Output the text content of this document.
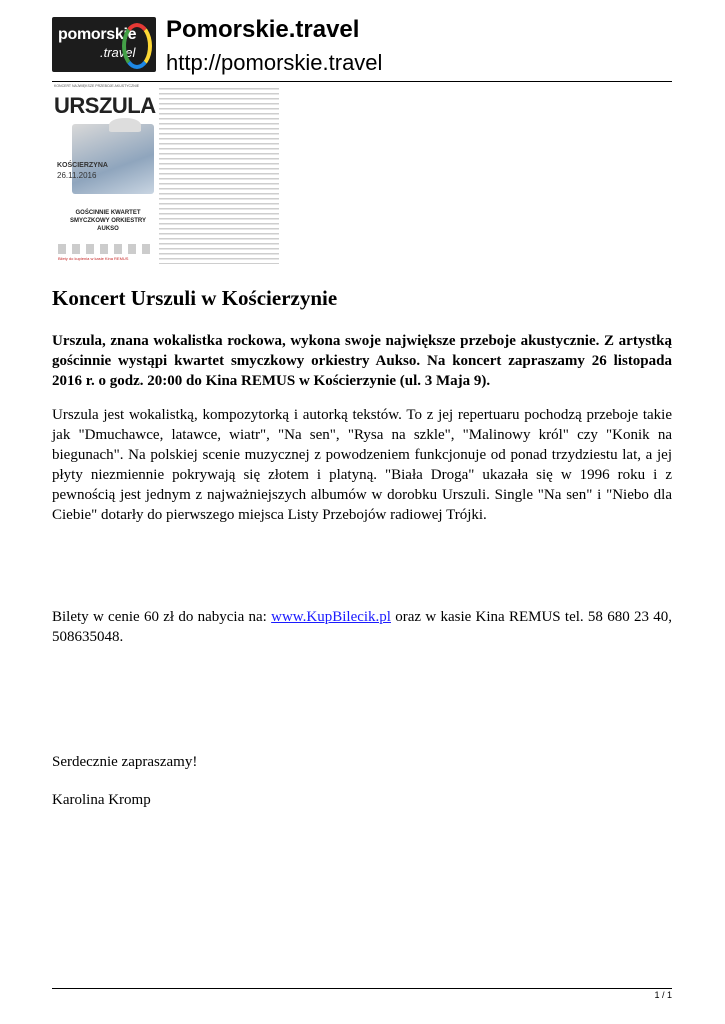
pomorskie
.travel
Pomorskie.travel
http://pomorskie.travel
KONCERT NAJWIĘKSZE PRZEBOJE AKUSTYCZNIE
URSZULA
KOŚCIERZYNA
26.11.2016
GOŚCINNIE KWARTET SMYCZKOWY ORKIESTRY AUKSO
Bilety do kupienia w kasie Kina REMUS
Koncert Urszuli w Kościerzynie

Urszula, znana wokalistka rockowa, wykona swoje największe przeboje akustycznie. Z artystką gościnnie wystąpi kwartet smyczkowy orkiestry Aukso. Na koncert zapraszamy 26 listopada 2016 r. o godz. 20:00 do Kina REMUS w Kościerzynie (ul. 3 Maja 9).

Urszula jest wokalistką, kompozytorką i autorką tekstów. To z jej repertuaru pochodzą przeboje takie jak "Dmuchawce, latawce, wiatr", "Na sen", "Rysa na szkle", "Malinowy król" czy "Konik na biegunach". Na polskiej scenie muzycznej z powodzeniem funkcjonuje od ponad trzydziestu lat, a jej płyty niezmiennie pokrywają się złotem i platyną. "Biała Droga" ukazała się w 1996 roku i z pewnością jest jednym z najważniejszych albumów w dorobku Urszuli. Single "Na sen" i "Niebo dla Ciebie" dotarły do pierwszego miejsca Listy Przebojów radiowej Trójki.

Bilety w cenie 60 zł do nabycia na: www.KupBilecik.pl oraz w kasie Kina REMUS tel. 58 680 23 40, 508635048.

Serdecznie zapraszamy!

Karolina Kromp

1 / 1
